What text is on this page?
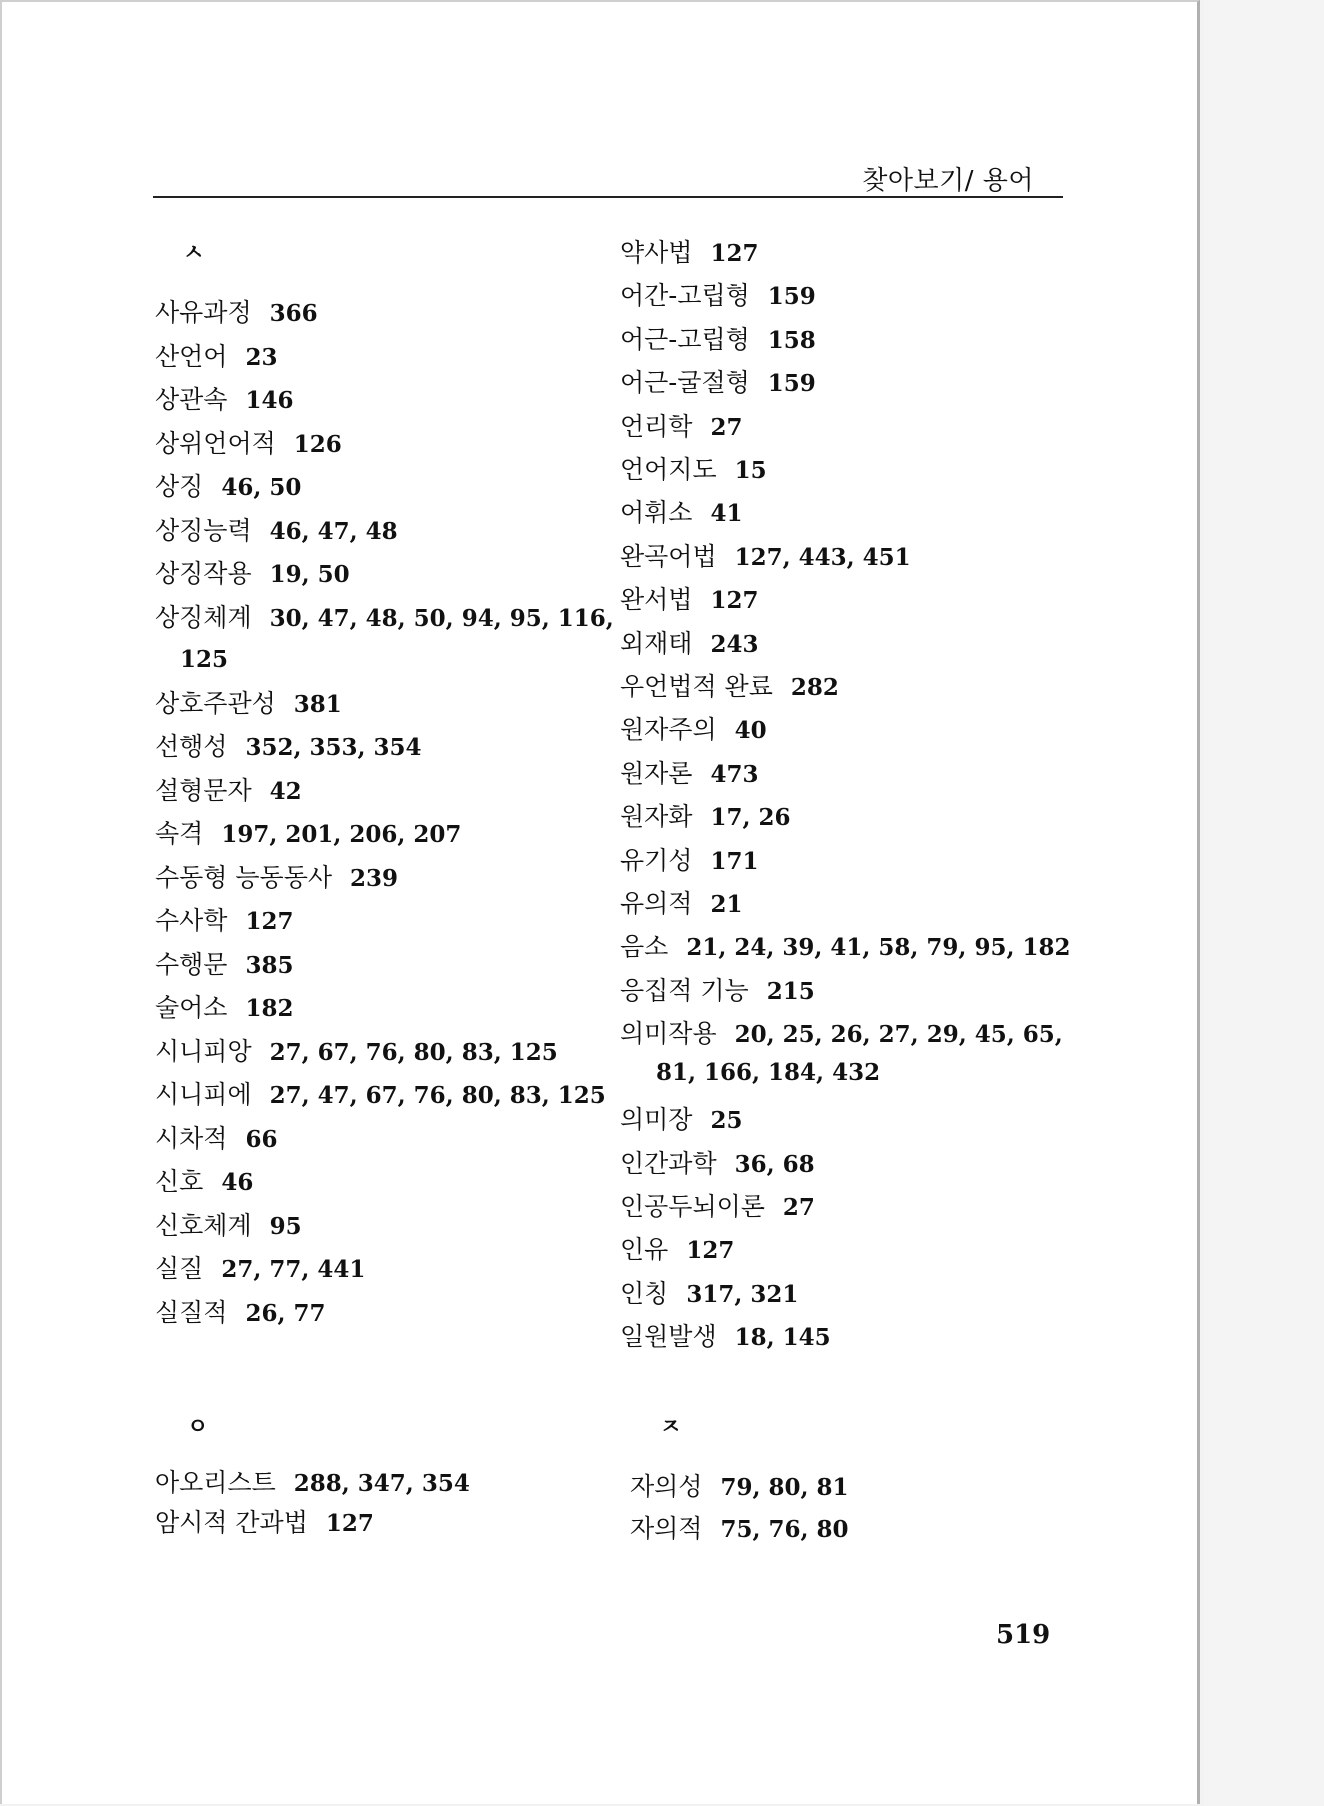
찾아보기/ 용어
ㅅ
사유과정 366
산언어 23
상관속 146
상위언어적 126
상징 46, 50
상징능력 46, 47, 48
상징작용 19, 50
상징체계 30, 47, 48, 50, 94, 95, 116,
상호주관성 381
선행성 352, 353, 354
설형문자 42
속격 197, 201, 206, 207
수동형 능동동사 239
수사학 127
수행문 385
술어소 182
시니피앙 27, 67, 76, 80, 83, 125
시니피에 27, 47, 67, 76, 80, 83, 125
시차적 66
신호 46
신호체계 95
실질 27, 77, 441
실질적 26, 77
125
ㅇ
아오리스트 288, 347, 354
암시적 간과법 127
약사법 127
어간-고립형 159
어근-고립형 158
어근-굴절형 159
언리학 27
언어지도 15
어휘소 41
완곡어법 127, 443, 451
완서법 127
외재태 243
우언법적 완료 282
원자주의 40
원자론 473
원자화 17, 26
유기성 171
유의적 21
음소 21, 24, 39, 41, 58, 79, 95, 182
응집적 기능 215
의미작용 20, 25, 26, 27, 29, 45, 65,
의미장 25
인간과학 36, 68
인공두뇌이론 27
인유 127
인칭 317, 321
일원발생 18, 145
81, 166, 184, 432
ㅈ
자의성 79, 80, 81
자의적 75, 76, 80
519
